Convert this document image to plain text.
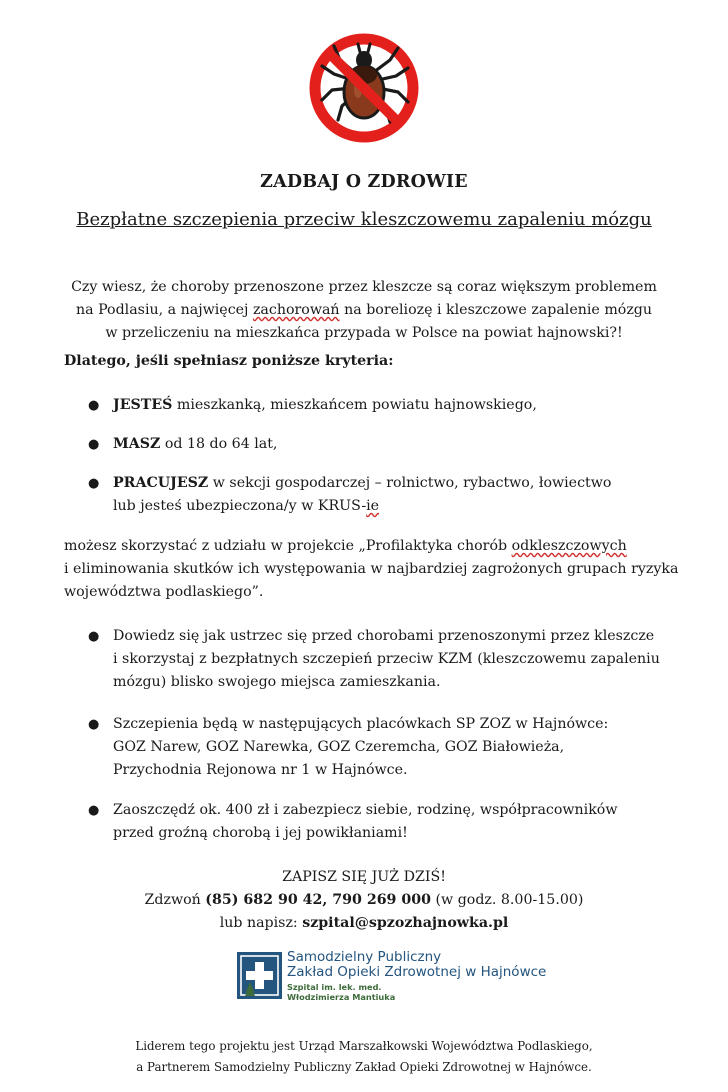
ZADBAJ O ZDROWIE
Bezpłatne szczepienia przeciw kleszczowemu zapaleniu mózgu
Czy wiesz, że choroby przenoszone przez kleszcze są coraz większym problemem
na Podlasiu, a najwięcej zachorowań na boreliozę i kleszczowe zapalenie mózgu
w przeliczeniu na mieszkańca przypada w Polsce na powiat hajnowski?!
Dlatego, jeśli spełniasz poniższe kryteria:
● JESTEŚ mieszkanką, mieszkańcem powiatu hajnowskiego,
● MASZ od 18 do 64 lat,
● PRACUJESZ w sekcji gospodarczej – rolnictwo, rybactwo, łowiectwo
lub jesteś ubezpieczona/y w KRUS-ie
możesz skorzystać z udziału w projekcie „Profilaktyka chorób odkleszczowych
i eliminowania skutków ich występowania w najbardziej zagrożonych grupach ryzyka
województwa podlaskiego”.
● Dowiedz się jak ustrzec się przed chorobami przenoszonymi przez kleszcze
i skorzystaj z bezpłatnych szczepień przeciw KZM (kleszczowemu zapaleniu
mózgu) blisko swojego miejsca zamieszkania.
● Szczepienia będą w następujących placówkach SP ZOZ w Hajnówce:
GOZ Narew, GOZ Narewka, GOZ Czeremcha, GOZ Białowieża,
Przychodnia Rejonowa nr 1 w Hajnówce.
● Zaoszczędź ok. 400 zł i zabezpiecz siebie, rodzinę, współpracowników
przed groźną chorobą i jej powikłaniami!
ZAPISZ SIĘ JUŻ DZIŚ!
Zdzwoń (85) 682 90 42, 790 269 000 (w godz. 8.00-15.00)
lub napisz: szpital@spzozhajnowka.pl
Samodzielny Publiczny
Zakład Opieki Zdrowotnej w Hajnówce
Szpital im. lek. med.
Włodzimierza Mantiuka
Liderem tego projektu jest Urząd Marszałkowski Województwa Podlaskiego,
a Partnerem Samodzielny Publiczny Zakład Opieki Zdrowotnej w Hajnówce.
